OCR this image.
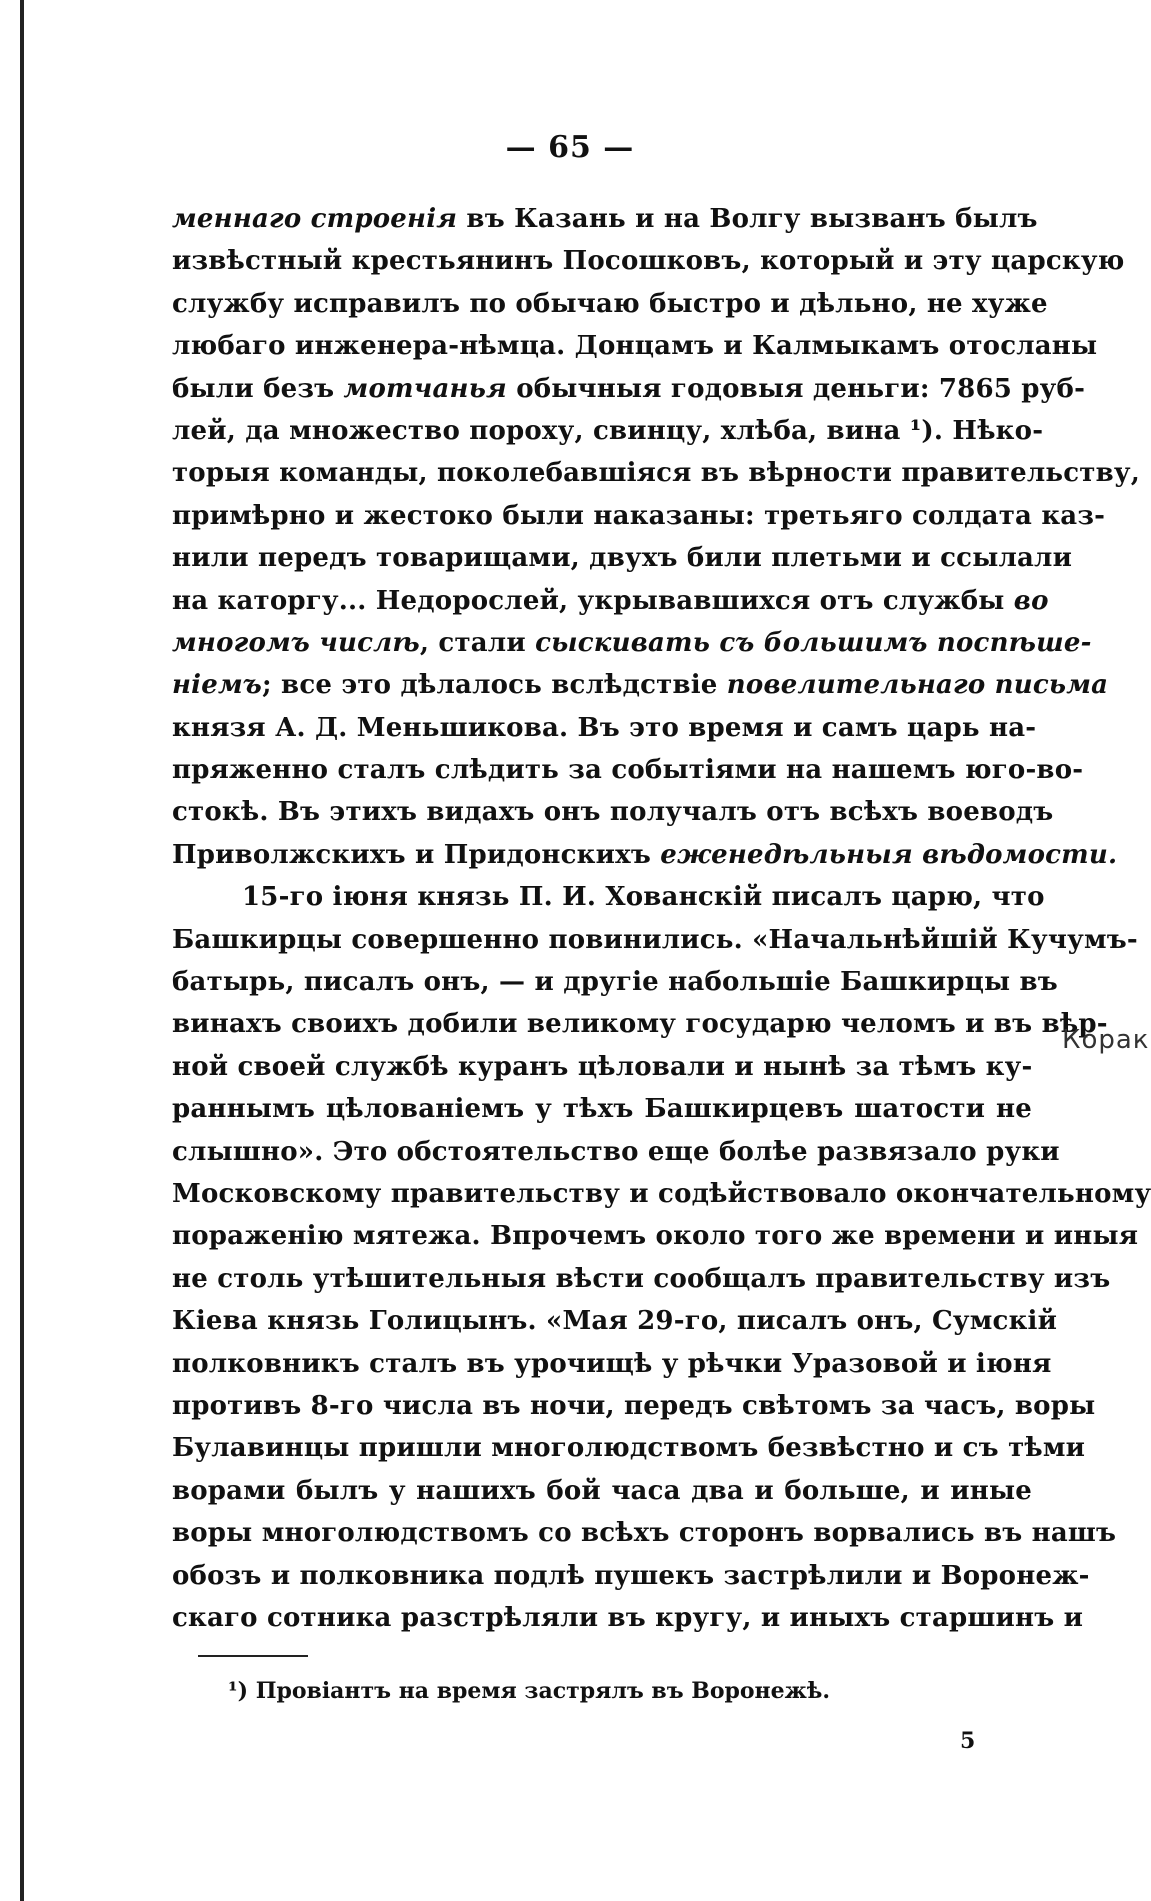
— 65 —
меннаго строенія въ Казань и на Волгу вызванъ былъ
извѣстный крестьянинъ Посошковъ, который и эту царскую
службу исправилъ по обычаю быстро и дѣльно, не хуже
любаго инженера-нѣмца. Донцамъ и Калмыкамъ отосланы
были безъ мотчанья обычныя годовыя деньги: 7865 руб-
лей, да множество пороху, свинцу, хлѣба, вина ¹). Нѣко-
торыя команды, поколебавшіяся въ вѣрности правительству,
примѣрно и жестоко были наказаны: третьяго солдата каз-
нили передъ товарищами, двухъ били плетьми и ссылали
на каторгу... Недорослей, укрывавшихся отъ службы во
многомъ числѣ, стали сыскивать съ большимъ поспѣше-
ніемъ; все это дѣлалось вслѣдствіе повелительнаго письма
князя А. Д. Меньшикова. Въ это время и самъ царь на-
пряженно сталъ слѣдить за событіями на нашемъ юго-во-
стокѣ. Въ этихъ видахъ онъ получалъ отъ всѣхъ воеводъ
Приволжскихъ и Придонскихъ еженедѣльныя вѣдомости.
15-го іюня князь П. И. Хованскій писалъ царю, что
Башкирцы совершенно повинились. «Начальнѣйшій Кучумъ-
батырь, писалъ онъ, — и другіе набольшіе Башкирцы въ
винахъ своихъ добили великому государю челомъ и въ вѣр-
ной своей службѣ куранъ цѣловали и нынѣ за тѣмъ ку-
раннымъ цѣлованіемъ у тѣхъ Башкирцевъ шатости не
слышно». Это обстоятельство еще болѣе развязало руки
Московскому правительству и содѣйствовало окончательному
пораженію мятежа. Впрочемъ около того же времени и иныя
не столь утѣшительныя вѣсти сообщалъ правительству изъ
Кіева князь Голицынъ. «Мая 29-го, писалъ онъ, Сумскій
полковникъ сталъ въ урочищѣ у рѣчки Уразовой и іюня
противъ 8-го числа въ ночи, передъ свѣтомъ за часъ, воры
Булавинцы пришли многолюдствомъ безвѣстно и съ тѣми
ворами былъ у нашихъ бой часа два и больше, и иные
воры многолюдствомъ со всѣхъ сторонъ ворвались въ нашъ
обозъ и полковника подлѣ пушекъ застрѣлили и Воронеж-
скаго сотника разстрѣляли въ кругу, и иныхъ старшинъ и
Корак
¹) Провіантъ на время застрялъ въ Воронежѣ.
5
